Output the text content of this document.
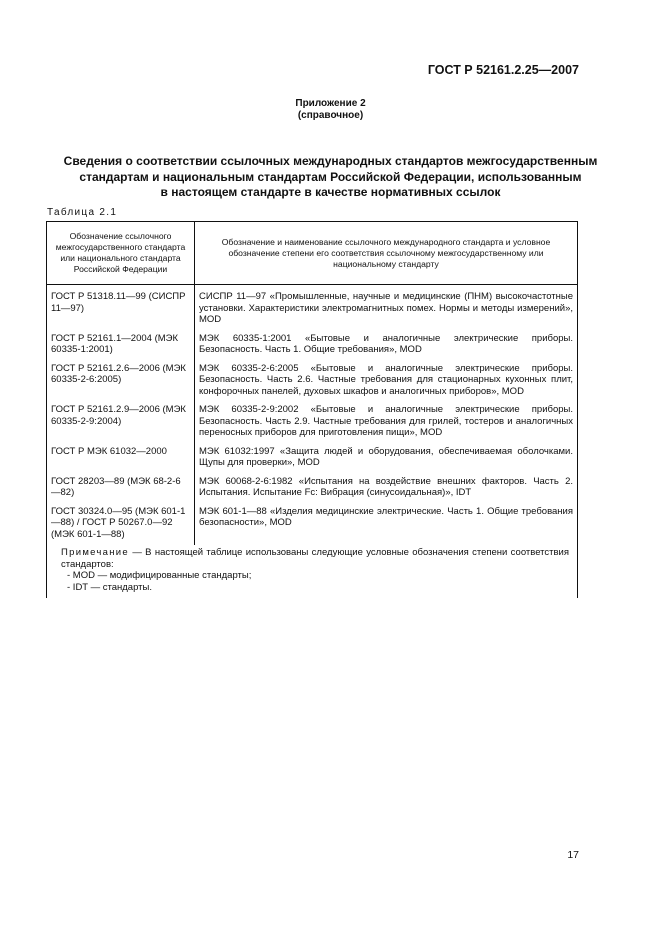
ГОСТ Р 52161.2.25—2007
Приложение 2
(справочное)
Сведения о соответствии ссылочных международных стандартов межгосударственным
стандартам и национальным стандартам Российской Федерации, использованным
в настоящем стандарте в качестве нормативных ссылок
Таблица 2.1
Обозначение ссылочного межгосударственного стандарта или национального стандарта Российской Федерации	Обозначение и наименование ссылочного международного стандарта и условное обозначение степени его соответствия ссылочному межгосударственному или национальному стандарту
ГОСТ Р 51318.11—99 (СИСПР 11—97)	СИСПР 11—97 «Промышленные, научные и медицинские (ПНМ) высокочастотные установки. Характеристики электромагнитных помех. Нормы и методы измерений», MOD
ГОСТ Р 52161.1—2004 (МЭК 60335-1:2001)	МЭК 60335-1:2001 «Бытовые и аналогичные электрические приборы. Безопасность. Часть 1. Общие требования», MOD
ГОСТ Р 52161.2.6—2006 (МЭК 60335-2-6:2005)	МЭК 60335-2-6:2005 «Бытовые и аналогичные электрические приборы. Безопасность. Часть 2.6. Частные требования для стационарных кухонных плит, конфорочных панелей, духовых шкафов и аналогичных приборов», MOD
ГОСТ Р 52161.2.9—2006 (МЭК 60335-2-9:2004)	МЭК 60335-2-9:2002 «Бытовые и аналогичные электрические приборы. Безопасность. Часть 2.9. Частные требования для грилей, тостеров и аналогичных переносных приборов для приготовления пищи», MOD
ГОСТ Р МЭК 61032—2000	МЭК 61032:1997 «Защита людей и оборудования, обеспечиваемая оболочками. Щупы для проверки», MOD
ГОСТ 28203—89 (МЭК 68-2-6—82)	МЭК 60068-2-6:1982 «Испытания на воздействие внешних факторов. Часть 2. Испытания. Испытание Fc: Вибрация (синусоидальная)», IDT
ГОСТ 30324.0—95 (МЭК 601-1—88) / ГОСТ Р 50267.0—92 (МЭК 601-1—88)	МЭК 601-1—88 «Изделия медицинские электрические. Часть 1. Общие требования безопасности», MOD

Примечание — В настоящей таблице использованы следующие условные обозначения степени соответствия стандартов:
- MOD — модифицированные стандарты;
- IDT — стандарты.	
17
